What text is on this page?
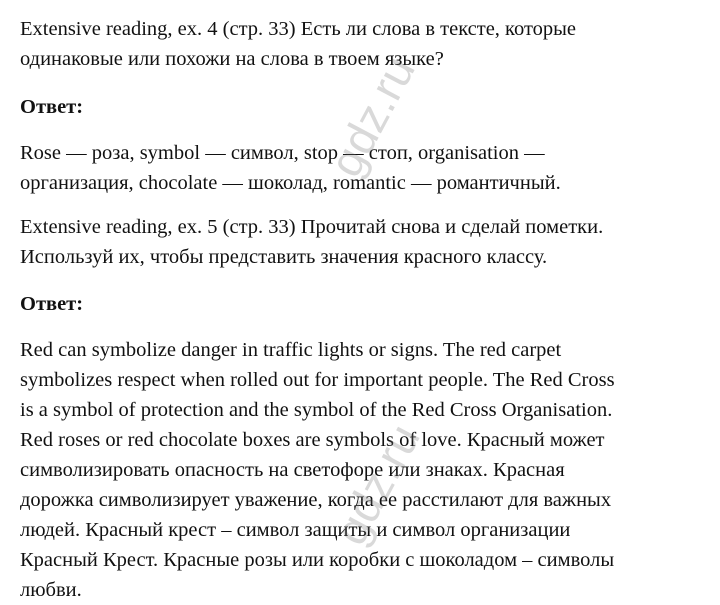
Extensive reading, ex. 4 (стр. 33) Есть ли слова в тексте, которые
одинаковые или похожи на слова в твоем языке?

Ответ:

Rose — роза, symbol — символ, stop — стоп, organisation —
организация, chocolate — шоколад, romantic — романтичный.

Extensive reading, ex. 5 (стр. 33) Прочитай снова и сделай пометки.
Используй их, чтобы представить значения красного классу.

Ответ:

Red can symbolize danger in traffic lights or signs. The red carpet
symbolizes respect when rolled out for important people. The Red Cross
is a symbol of protection and the symbol of the Red Cross Organisation.
Red roses or red chocolate boxes are symbols of love. Красный может
символизировать опасность на светофоре или знаках. Красная
дорожка символизирует уважение, когда ее расстилают для важных
людей. Красный крест – символ защиты и символ организации
Красный Крест. Красные розы или коробки с шоколадом – символы
любви.

gdz.ru
gdz.ru
